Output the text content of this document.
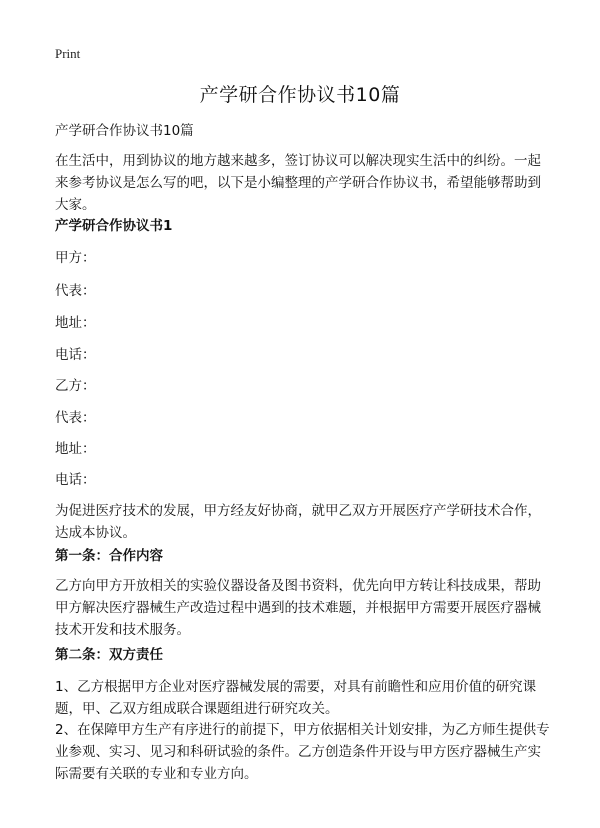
Print
产学研合作协议书10篇
产学研合作协议书10篇
在生活中，用到协议的地方越来越多，签订协议可以解决现实生活中的纠纷。一起来参考协议是怎么写的吧，以下是小编整理的产学研合作协议书，希望能够帮助到大家。
产学研合作协议书1
甲方：
代表：
地址：
电话：
乙方：
代表：
地址：
电话：
为促进医疗技术的发展，甲方经友好协商，就甲乙双方开展医疗产学研技术合作，达成本协议。
第一条：合作内容
乙方向甲方开放相关的实验仪器设备及图书资料，优先向甲方转让科技成果，帮助甲方解决医疗器械生产改造过程中遇到的技术难题，并根据甲方需要开展医疗器械技术开发和技术服务。
第二条：双方责任
1、乙方根据甲方企业对医疗器械发展的需要，对具有前瞻性和应用价值的研究课题，甲、乙双方组成联合课题组进行研究攻关。
2、在保障甲方生产有序进行的前提下，甲方依据相关计划安排，为乙方师生提供专业参观、实习、见习和科研试验的条件。乙方创造条件开设与甲方医疗器械生产实际需要有关联的专业和专业方向。
